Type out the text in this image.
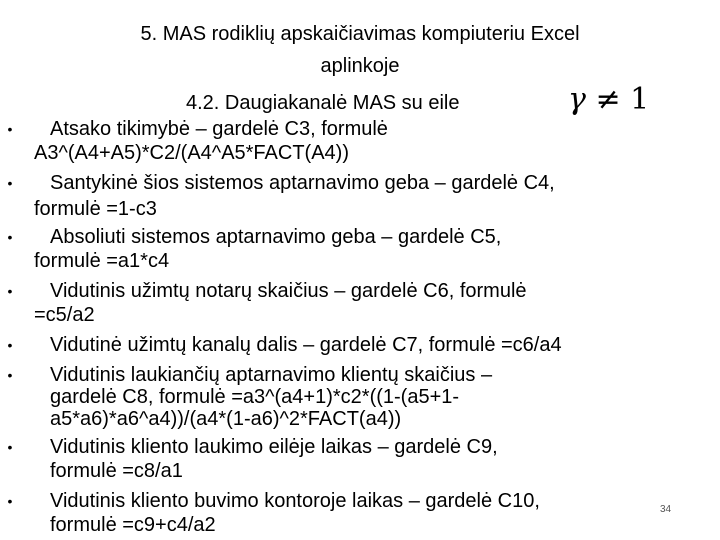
5. MAS rodiklių apskaičiavimas kompiuteriu Excel
aplinkoje
4.2. Daugiakanalė MAS su eile	γ ≠ 1
• Atsako tikimybė – gardelė C3, formulė
A3^(A4+A5)*C2/(A4^A5*FACT(A4))
• Santykinė šios sistemos aptarnavimo geba – gardelė C4,
formulė =1-c3
• Absoliuti sistemos aptarnavimo geba – gardelė C5,
formulė =a1*c4
• Vidutinis užimtų notarų skaičius – gardelė C6, formulė
=c5/a2
• Vidutinė užimtų kanalų dalis – gardelė C7, formulė =c6/a4
• Vidutinis laukiančių aptarnavimo klientų skaičius –
gardelė C8, formulė =a3^(a4+1)*c2*((1-(a5+1-
a5*a6)*a6^a4))/(a4*(1-a6)^2*FACT(a4))
• Vidutinis kliento laukimo eilėje laikas – gardelė C9,
formulė =c8/a1
• Vidutinis kliento buvimo kontoroje laikas – gardelė C10,
formulė =c9+c4/a2
34
